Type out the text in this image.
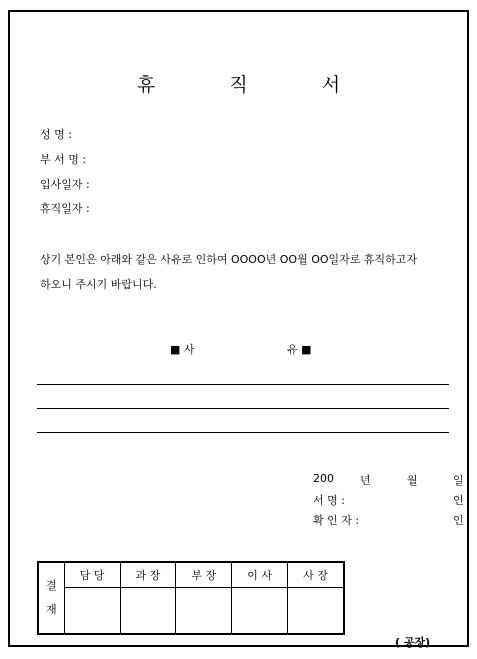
휴 직 서
성 명 :
부 서 명 :
입사일자 :
휴직일자 :
상기 본인은 아래와 같은 사유로 인하여 OOOO년 OO월 OO일자로 휴직하고자
하오니 주시기 바랍니다.
■ 사	유 ■
200 년	월	일
서 명 :	인
확 인 자 :	인
결
재	담 당	과 장	부 장	이 사	사 장

( 공장)
